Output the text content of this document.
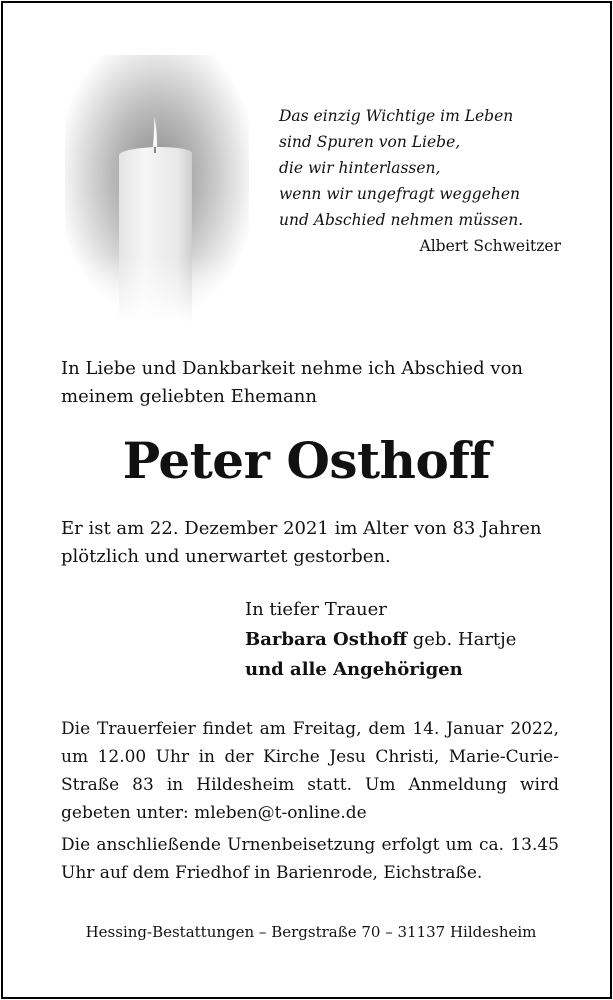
Das einzig Wichtige im Leben
sind Spuren von Liebe,
die wir hinterlassen,
wenn wir ungefragt weggehen
und Abschied nehmen müssen.
Albert Schweitzer
In Liebe und Dankbarkeit nehme ich Abschied von
meinem geliebten Ehemann
Peter Osthoff
Er ist am 22. Dezember 2021 im Alter von 83 Jahren
plötzlich und unerwartet gestorben.
In tiefer Trauer
Barbara Osthoff geb. Hartje
und alle Angehörigen

Die Trauerfeier findet am Freitag, dem 14. Januar 2022, um 12.00 Uhr in der Kirche Jesu Christi, Marie-Curie-Straße 83 in Hildesheim statt. Um Anmeldung wird gebeten unter: mleben@t-online.de

Die anschließende Urnenbeisetzung erfolgt um ca. 13.45 Uhr auf dem Friedhof in Barienrode, Eichstraße.

Hessing-Bestattungen – Bergstraße 70 – 31137 Hildesheim
